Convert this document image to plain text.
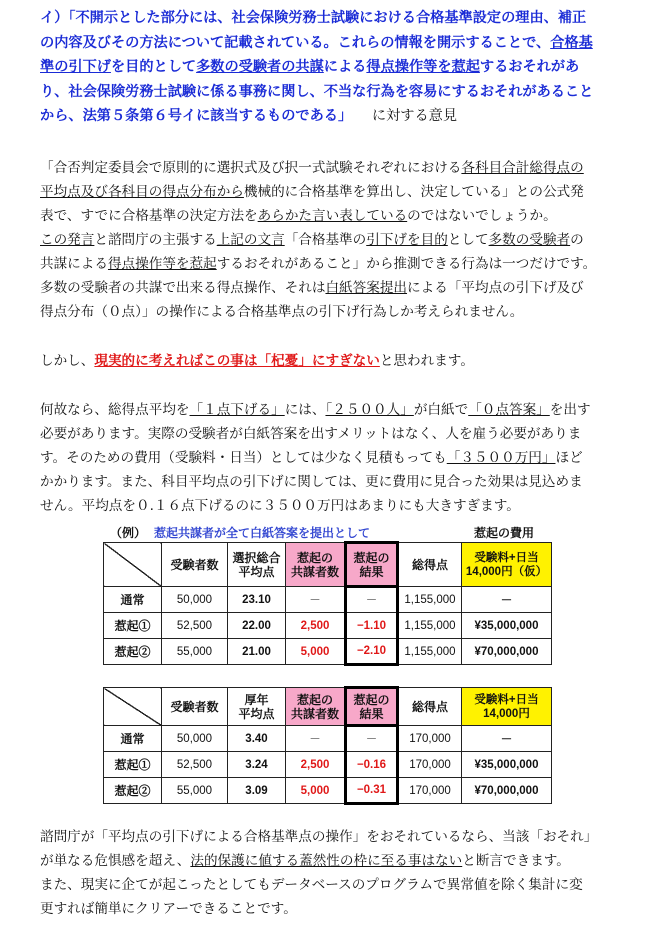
イ）「不開示とした部分には、社会保険労務士試験における合格基準設定の理由、補正
の内容及びその方法について記載されている。これらの情報を開示することで、合格基
準の引下げを目的として多数の受験者の共謀による得点操作等を惹起するおそれがあ
り、社会保険労務士試験に係る事務に関し、不当な行為を容易にするおそれがあること
から、法第５条第６号イに該当するものである」 に対する意見
「合否判定委員会で原則的に選択式及び択一式試験それぞれにおける各科目合計総得点の
平均点及び各科目の得点分布から機械的に合格基準を算出し、決定している」との公式発
表で、すでに合格基準の決定方法をあらかた言い表しているのではないでしょうか。
この発言と諮問庁の主張する上記の文言「合格基準の引下げを目的として多数の受験者の
共謀による得点操作等を惹起するおそれがあること」から推測できる行為は一つだけです。
多数の受験者の共謀で出来る得点操作、それは白紙答案提出による「平均点の引下げ及び
得点分布（０点）」の操作による合格基準点の引下げ行為しか考えられません。
しかし、現実的に考えればこの事は「杞憂」にすぎないと思われます。
何故なら、総得点平均を「１点下げる」には、「２５００人」が白紙で「０点答案」を出す
必要があります。実際の受験者が白紙答案を出すメリットはなく、人を雇う必要がありま
す。そのための費用（受験料・日当）としては少なく見積もっても「３５００万円」ほど
かかります。また、科目平均点の引下げに関しては、更に費用に見合った効果は見込めま
せん。平均点を０.１６点下げるのに３５００万円はあまりにも大きすぎます。
（例） 惹起共謀者が全て白紙答案を提出として	惹起の費用
	受験者数	選択総合
平均点	惹起の
共謀者数	惹起の
結果	総得点	受験料+日当
14,000円（仮）
通常	50,000	23.10	－	－	1,155,000	－
惹起①	52,500	22.00	2,500	−1.10	1,155,000	¥35,000,000
惹起②	55,000	21.00	5,000	−2.10	1,155,000	¥70,000,000
	受験者数	厚年
平均点	惹起の
共謀者数	惹起の
結果	総得点	受験料+日当
14,000円
通常	50,000	3.40	－	－	170,000	－
惹起①	52,500	3.24	2,500	−0.16	170,000	¥35,000,000
惹起②	55,000	3.09	5,000	−0.31	170,000	¥70,000,000
諮問庁が「平均点の引下げによる合格基準点の操作」をおそれているなら、当該「おそれ」
が単なる危惧感を超え、法的保護に値する蓋然性の枠に至る事はないと断言できます。
また、現実に企てが起こったとしてもデータベースのプログラムで異常値を除く集計に変
更すれば簡単にクリアーできることです。
